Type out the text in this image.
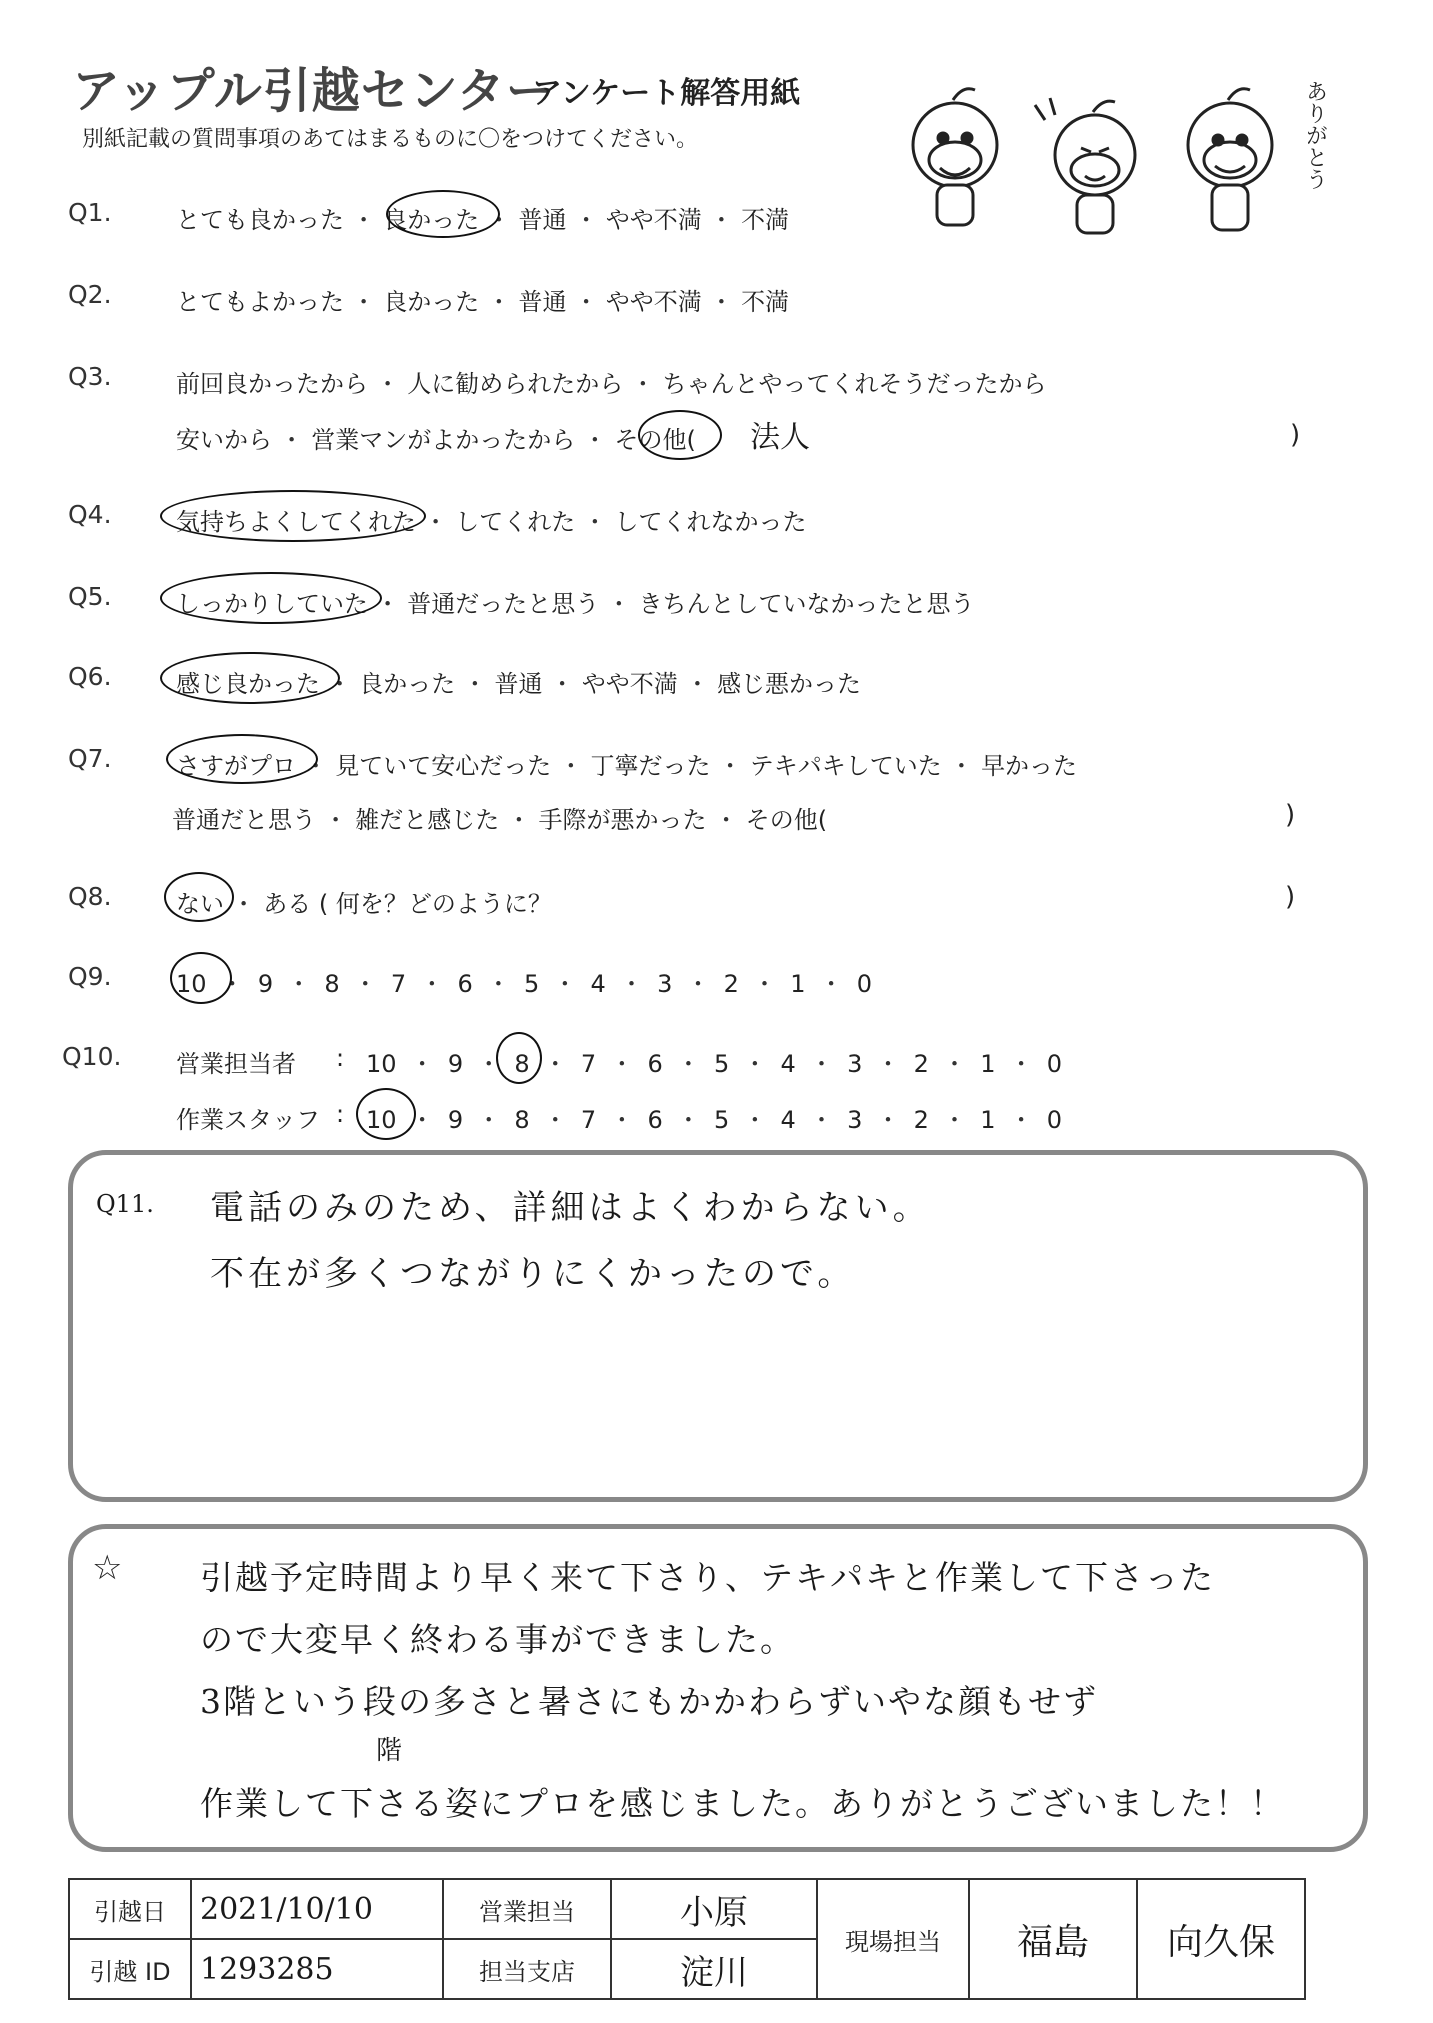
アップル引越センター
アンケート解答用紙
別紙記載の質問事項のあてはまるものに〇をつけてください。	ありがとう
Q1.	とても良かった ・ 良かった ・ 普通 ・ やや不満 ・ 不満
Q2.	とてもよかった ・ 良かった ・ 普通 ・ やや不満 ・ 不満
Q3.	前回良かったから ・ 人に勧められたから ・ ちゃんとやってくれそうだったから
安いから ・ 営業マンがよかったから ・ その他( 法人	)
Q4.	気持ちよくしてくれた ・ してくれた ・ してくれなかった
Q5.	しっかりしていた ・ 普通だったと思う ・ きちんとしていなかったと思う
Q6.	感じ良かった ・ 良かった ・ 普通 ・ やや不満 ・ 感じ悪かった
Q7.	さすがプロ ・ 見ていて安心だった ・ 丁寧だった ・ テキパキしていた ・ 早かった
普通だと思う ・ 雑だと感じた ・ 手際が悪かった ・ その他(	)
Q8.	ない ・ ある ( 何を？どのように？	)
Q9.	10 ・ 9 ・ 8 ・ 7 ・ 6 ・ 5 ・ 4 ・ 3 ・ 2 ・ 1 ・ 0
Q10. 営業担当者 : 10 ・ 9 ・ 8 ・ 7 ・ 6 ・ 5 ・ 4 ・ 3 ・ 2 ・ 1 ・ 0
作業スタッフ : 10 ・ 9 ・ 8 ・ 7 ・ 6 ・ 5 ・ 4 ・ 3 ・ 2 ・ 1 ・ 0
Q11. 電話のみのため、詳細はよくわからない。
不在が多くつながりにくかったので。
☆ 引越予定時間より早く来て下さり、テキパキと作業して下さった
ので大変早く終わる事ができました。
3階という段の多さと暑さにもかかわらずいやな顔もせず
階
作業して下さる姿にプロを感じました。ありがとうございました！！
引越日	2021/10/10	営業担当	小原	現場担当	福島	向久保
引越 ID	1293285	担当支店	淀川			
